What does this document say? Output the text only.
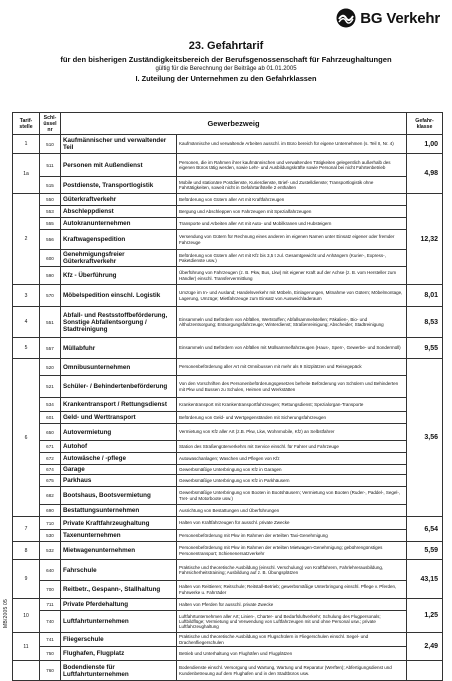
BG Verkehr
23. Gefahrtarif
für den bisherigen Zuständigkeitsbereich der Berufsgenossenschaft für Fahrzeughaltungen
gültig für die Berechnung der Beiträge ab 01.01.2005
I. Zuteilung der Unternehmen zu den Gefahrklassen
Tarif-
stelle	Schl-
üssel
nr	Gewerbezweig		Gefahr-
klasse
1	510	Kaufmännischer und verwaltender Teil	Kaufmännische und verwaltende Arbeiten ausschl. im Büro bereich für eigene Unternehmen (s. Teil II, Nr. 4)	1,00
1a	511	Personen mit Außendienst	Personen, die im Rahmen ihrer kaufmännischen und verwaltenden Tätigkeiten gelegentlich außerhalb des eigenen Büros tätig werden, sowie Lehr- und Ausbildungskräfte sowie Personal bei nicht Fahrtenbetrieb	4,98
	515	Postdienste, Transportlogistik	Mobile und stationäre Postdienste, Kurierdienste, Brief- und Zustelldienste; Transportlogistik ohne Fahrtätigkeiten, soweit nicht in Gefahrtarifstelle 2 enthalten	
2	550	Güterkraftverkehr	Beförderung von Gütern aller Art mit Kraftfahrzeugen	12,32
	553	Abschleppdienst	Bergung und Abschleppen von Fahrzeugen mit Spezialfahrzeugen	
	555	Autokranunternehmen	Transporte und Arbeiten aller Art mit Auto- und Mobilkranen und Hubsteigern	
	556	Kraftwagenspedition	Versendung von Gütern für Rechnung eines anderen im eigenen Namen unter Einsatz eigener oder fremder Fahrzeuge	
	600	Genehmigungsfreier Güterkraftverkehr	Beförderung von Gütern aller Art mit Kfz bis 3,5 t zul. Gesamtgewicht und Anhängern (Kurier-, Express-, Paketdienste usw.)	
	590	Kfz - Überführung	Überführung von Fahrzeugen (z. B. Pkw, Bus, Lkw) mit eigener Kraft auf der Achse (z. B. vom Hersteller zum Händler) einschl. Transfervermittlung	
3	570	Möbelspedition einschl. Logistik	Umzüge im In- und Ausland; Handelsverkehr mit Möbeln, Einlagerungen, Mitnahme von Gütern; Möbelmontage, Lagerung, Umzüge; Mietfahrzeuge zum Einsatz von Ausweichladeraum	8,01
4	551	Abfall- und Restsstoffbeförderung, Sonstige Abfallentsorgung / Stadtreinigung	Einsammeln und Befördern von Abfällen, Wertstoffen; Abfallsammelstellen; Fäkalien-, Bio- und Altholzentsorgung; Entsorgungsfahrzeuge; Winterdienst; Straßenreinigung; Abscheider; Stadtreinigung	8,53
5	557	Müllabfuhr	Einsammeln und Befördern von Abfällen mit Müllsammelfahrzeugen (Haus-, Sperr-, Gewerbe- und Sondermüll)	9,55
6	520	Omnibusunternehmen	Personenbeförderung aller Art mit Omnibussen mit mehr als 9 Sitzplätzen und Reisegepäck	3,56
	521	Schüler- / Behindertenbeförderung	Von den Vorschriften des Personenbeförderungsgesetzes befreite Beförderung von Schülern und Behinderten mit Pkw und Bussen zu Schulen, Heimen und Werkstätten	
	534	Krankentransport / Rettungsdienst	Krankentransport mit Krankentransportfahrzeugen; Rettungsdienst; Spezialorgan-Transporte	
	601	Geld- und Werttransport	Beförderung von Geld- und Wertgegenständen mit Sicherungsfahrzeugen	
	650	Autovermietung	Vermietung von Kfz aller Art (z.B. Pkw, Lkw, Wohnmobile, Kfz) an Selbstfahrer	
	671	Autohof	Station des Straßengüterverkehrs mit Service einschl. für Fahrer und Fahrzeuge	
	672	Autowäsche / -pflege	Autowaschanlagen; Waschen und Pflegen von Kfz	
	674	Garage	Gewerbsmäßige Unterbringung von Kfz in Garagen	
	675	Parkhaus	Gewerbsmäßige Unterbringung von Kfz in Parkhäusern	
	682	Bootshaus, Bootsvermietung	Gewerbsmäßige Unterbringung von Booten in Bootshäusern; Vermietung von Booten (Ruder-, Paddel-, Segel-, Tret- und Motorboote usw.)	
	690	Bestattungsunternehmen	Ausrichtung von Bestattungen und Überführungen	
7	710	Private Kraftfahrzeughaltung	Halten von Kraftfahrzeugen für ausschl. private Zwecke	6,54
	530	Taxenunternehmen	Personenbeförderung mit Pkw im Rahmen der erteilten Taxi-Genehmigung	
8	532	Mietwagenunternehmen	Personenbeförderung mit Pkw im Rahmen der erteilten Mietwagen-Genehmigung; gebührengünstiges Personentransport; Schienenersatzverkehr	5,59
9	640	Fahrschule	Praktische und theoretische Ausbildung (einschl. Verschulung) von Kraftfahrern, Fahrlehrerausbildung, Fahrsicherheitstraining; Ausbildung auf z. B. Übungsplätzen	43,15
	700	Reitbetr., Gespann-, Stallhaltung	Halten von Reittieren; Reitschule; Reitstall-Betrieb; gewerbsmäßige Unterbringung einschl. Pflege v. Pferden, Fuhrwerke u. Fahrräder	
10	711	Private Pferdehaltung	Halten von Pferden für ausschl. private Zwecke	1,25
	740	Luftfahrtunternehmen	Luftfahrtunternehmen aller Art; Linien-, Charter- und Bedarfsluftverkehr; Schulung des Flugpersonals; Luftbildflüge; Vermietung und Verwendung von Luftfahrzeugen mit und ohne Personal usw.; private Luftfahrzeughaltung	
11	741	Fliegerschule	Praktische und theoretische Ausbildung von Flugschülern in Fliegerschulen einschl. Segel- und Drachenfliegerschulen	2,49
	750	Flughafen, Flugplatz	Betrieb und Unterhaltung von Flughäfen und Flugplätzen	
	760	Bodendienste für Luftfahrtunternehmen	Bodendienste einschl. Versorgung und Wartung, Wartung und Reparatur (Werften); Abfertigungsdienst und Kundenbetreuung auf dem Flughafen und in den Stadtbüros usw.	
MB/2005 05
